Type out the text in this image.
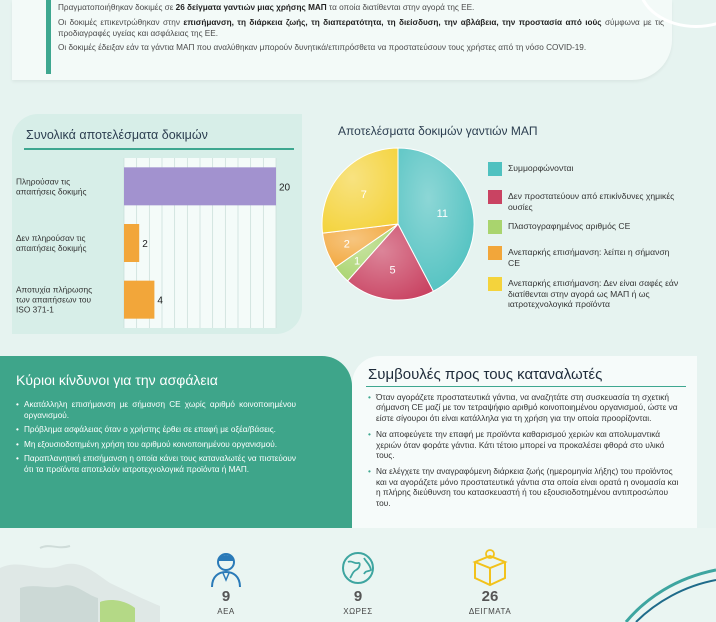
Πραγματοποιήθηκαν δοκιμές σε 26 δείγματα γαντιών μιας χρήσης ΜΑΠ τα οποία διατίθενται στην αγορά της ΕΕ.

Οι δοκιμές επικεντρώθηκαν στην επισήμανση, τη διάρκεια ζωής, τη διαπερατότητα, τη διείσδυση, την αβλάβεια, την προστασία από ιούς σύμφωνα με τις προδιαγραφές υγείας και ασφάλειας της ΕΕ.

Οι δοκιμές έδειξαν εάν τα γάντια ΜΑΠ που αναλύθηκαν μπορούν δυνητικά/επιπρόσθετα να προστατεύσουν τους χρήστες από τη νόσο COVID-19.

Συνολικά αποτελέσματα δοκιμών
20
Πληρούσαν τις απαιτήσεις δοκιμής
2
Δεν πληρούσαν τις απαιτήσεις δοκιμής
4
Αποτυχία πλήρωσης των απαιτήσεων του ISO 371-1
Αποτελέσματα δοκιμών γαντιών ΜΑΠ
11
5
1
2
7
Συμμορφώνονται
Δεν προστατεύουν από επικίνδυνες χημικές ουσίες
Πλαστογραφημένος αριθμός CE
Ανεπαρκής επισήμανση: λείπει η σήμανση CE
Ανεπαρκής επισήμανση: Δεν είναι σαφές εάν διατίθενται στην αγορά ως ΜΑΠ ή ως ιατροτεχνολογικά προϊόντα
Κύριοι κίνδυνοι για την ασφάλεια
• Ακατάλληλη επισήμανση με σήμανση CE χωρίς αριθμό κοινοποιημένου οργανισμού.
• Πρόβλημα ασφάλειας όταν ο χρήστης έρθει σε επαφή με οξέα/βάσεις.
• Μη εξουσιοδοτημένη χρήση του αριθμού κοινοποιημένου οργανισμού.
• Παραπλανητική επισήμανση η οποία κάνει τους καταναλωτές να πιστεύουν ότι τα προϊόντα αποτελούν ιατροτεχνολογικά προϊόντα ή ΜΑΠ.
Συμβουλές προς τους καταναλωτές
• Όταν αγοράζετε προστατευτικά γάντια, να αναζητάτε στη συσκευασία τη σχετική σήμανση CE μαζί με τον τετραψήφιο αριθμό κοινοποιημένου οργανισμού, ώστε να είστε σίγουροι ότι είναι κατάλληλα για τη χρήση για την οποία προορίζονται.
• Να αποφεύγετε την επαφή με προϊόντα καθαρισμού χεριών και απολυμαντικά χεριών όταν φοράτε γάντια. Κάτι τέτοιο μπορεί να προκαλέσει φθορά στο υλικό τους.
• Να ελέγχετε την αναγραφόμενη διάρκεια ζωής (ημερομηνία λήξης) του προϊόντος και να αγοράζετε μόνο προστατευτικά γάντια στα οποία είναι ορατά η ονομασία και η πλήρης διεύθυνση του κατασκευαστή ή του εξουσιοδοτημένου αντιπροσώπου του.
9
ΑΕΑ
9
ΧΩΡΕΣ
26
ΔΕΙΓΜΑΤΑ
